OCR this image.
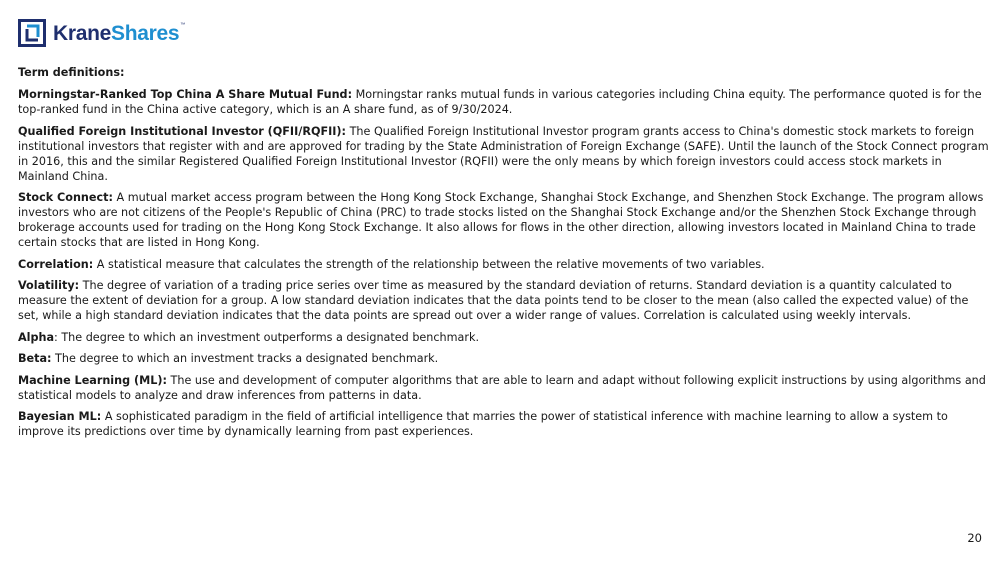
KraneShares™
Term definitions:
Morningstar-Ranked Top China A Share Mutual Fund: Morningstar ranks mutual funds in various categories including China equity. The performance quoted is for the top-ranked fund in the China active category, which is an A share fund, as of 9/30/2024.
Qualified Foreign Institutional Investor (QFII/RQFII): The Qualified Foreign Institutional Investor program grants access to China's domestic stock markets to foreign institutional investors that register with and are approved for trading by the State Administration of Foreign Exchange (SAFE). Until the launch of the Stock Connect program in 2016, this and the similar Registered Qualified Foreign Institutional Investor (RQFII) were the only means by which foreign investors could access stock markets in Mainland China.
Stock Connect: A mutual market access program between the Hong Kong Stock Exchange, Shanghai Stock Exchange, and Shenzhen Stock Exchange. The program allows investors who are not citizens of the People's Republic of China (PRC) to trade stocks listed on the Shanghai Stock Exchange and/or the Shenzhen Stock Exchange through brokerage accounts used for trading on the Hong Kong Stock Exchange. It also allows for flows in the other direction, allowing investors located in Mainland China to trade certain stocks that are listed in Hong Kong.
Correlation: A statistical measure that calculates the strength of the relationship between the relative movements of two variables.
Volatility: The degree of variation of a trading price series over time as measured by the standard deviation of returns. Standard deviation is a quantity calculated to measure the extent of deviation for a group. A low standard deviation indicates that the data points tend to be closer to the mean (also called the expected value) of the set, while a high standard deviation indicates that the data points are spread out over a wider range of values. Correlation is calculated using weekly intervals.
Alpha: The degree to which an investment outperforms a designated benchmark.
Beta: The degree to which an investment tracks a designated benchmark.
Machine Learning (ML): The use and development of computer algorithms that are able to learn and adapt without following explicit instructions by using algorithms and statistical models to analyze and draw inferences from patterns in data.
Bayesian ML: A sophisticated paradigm in the field of artificial intelligence that marries the power of statistical inference with machine learning to allow a system to improve its predictions over time by dynamically learning from past experiences.
20
